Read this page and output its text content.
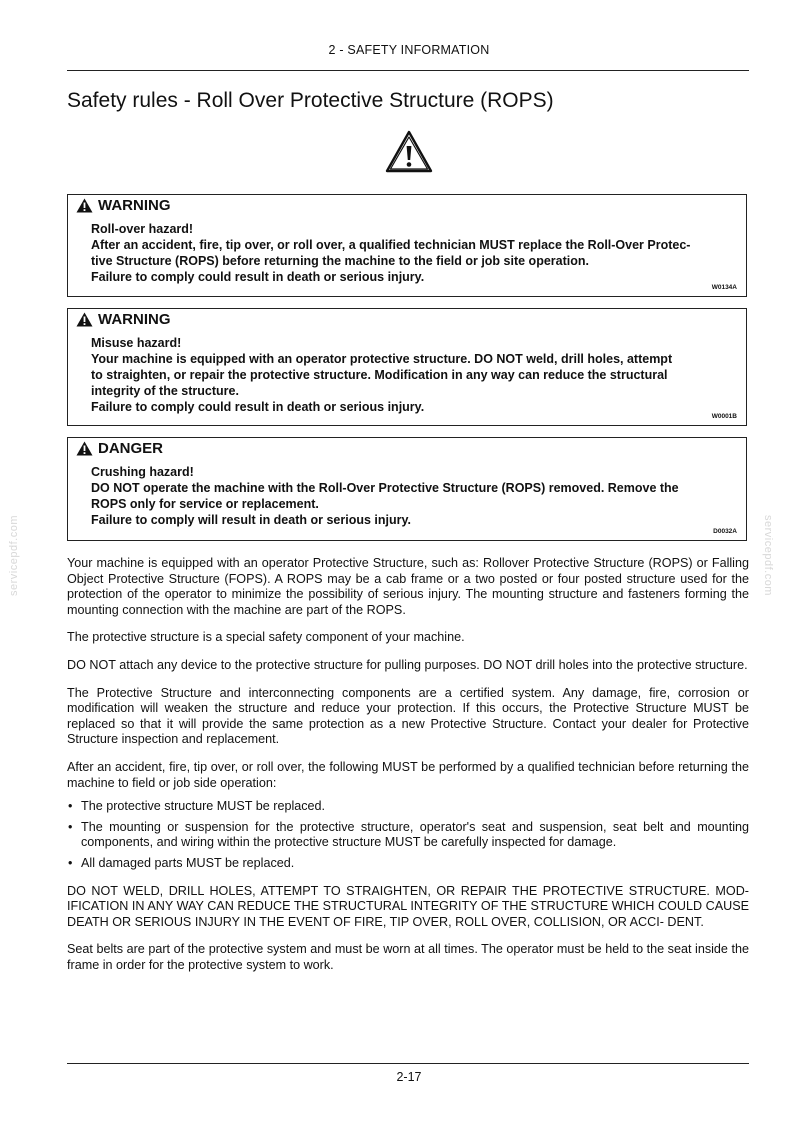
2 - SAFETY INFORMATION
Safety rules - Roll Over Protective Structure (ROPS)
WARNING
Roll-over hazard!
After an accident, fire, tip over, or roll over, a qualified technician MUST replace the Roll-Over Protec-
tive Structure (ROPS) before returning the machine to the field or job site operation.
Failure to comply could result in death or serious injury.
W0134A
WARNING
Misuse hazard!
Your machine is equipped with an operator protective structure. DO NOT weld, drill holes, attempt
to straighten, or repair the protective structure. Modification in any way can reduce the structural
integrity of the structure.
Failure to comply could result in death or serious injury.
W0001B
DANGER
Crushing hazard!
DO NOT operate the machine with the Roll-Over Protective Structure (ROPS) removed. Remove the
ROPS only for service or replacement.
Failure to comply will result in death or serious injury.
D0032A
servicepdf.com	servicepdf.com

Your machine is equipped with an operator Protective Structure, such as: Rollover Protective Structure (ROPS) or Falling Object Protective Structure (FOPS). A ROPS may be a cab frame or a two posted or four posted structure used for the protection of the operator to minimize the possibility of serious injury. The mounting structure and fasteners forming the mounting connection with the machine are part of the ROPS.

The protective structure is a special safety component of your machine.

DO NOT attach any device to the protective structure for pulling purposes. DO NOT drill holes into the protective structure.

The Protective Structure and interconnecting components are a certified system. Any damage, fire, corrosion or modification will weaken the structure and reduce your protection. If this occurs, the Protective Structure MUST be replaced so that it will provide the same protection as a new Protective Structure. Contact your dealer for Protective Structure inspection and replacement.

After an accident, fire, tip over, or roll over, the following MUST be performed by a qualified technician before returning the machine to field or job side operation:

• The protective structure MUST be replaced.
• The mounting or suspension for the protective structure, operator's seat and suspension, seat belt and mounting components, and wiring within the protective structure MUST be carefully inspected for damage.
• All damaged parts MUST be replaced.

DO NOT WELD, DRILL HOLES, ATTEMPT TO STRAIGHTEN, OR REPAIR THE PROTECTIVE STRUCTURE. MOD- IFICATION IN ANY WAY CAN REDUCE THE STRUCTURAL INTEGRITY OF THE STRUCTURE WHICH COULD CAUSE DEATH OR SERIOUS INJURY IN THE EVENT OF FIRE, TIP OVER, ROLL OVER, COLLISION, OR ACCI- DENT.

Seat belts are part of the protective system and must be worn at all times. The operator must be held to the seat inside the frame in order for the protective system to work.

2-17
